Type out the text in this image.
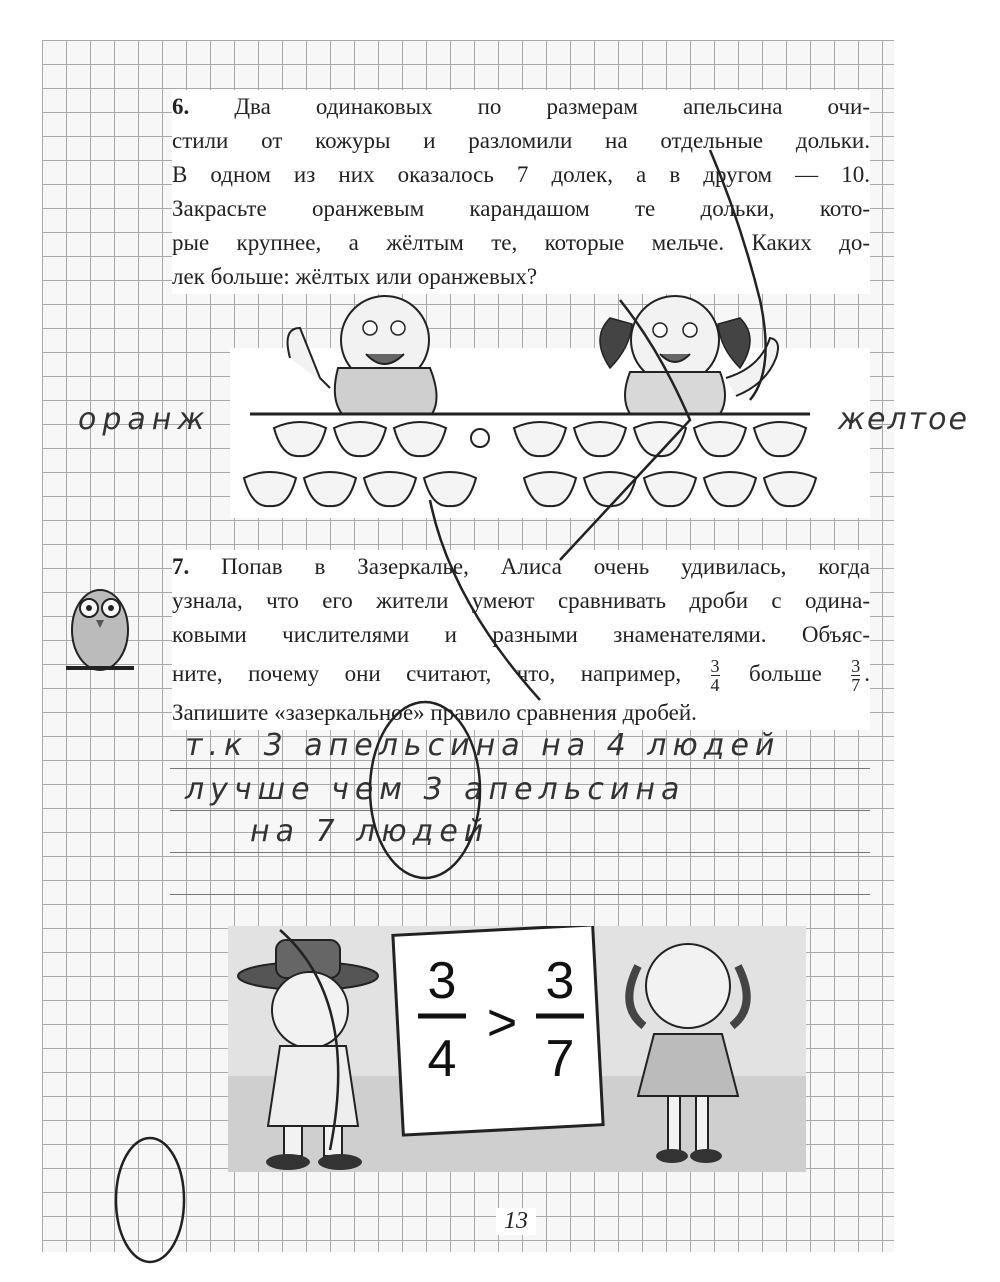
6. Два одинаковых по размерам апельсина очи-
стили от кожуры и разломили на отдельные дольки.
В одном из них оказалось 7 долек, а в другом — 10.
Закрасьте оранжевым карандашом те дольки, кото-
рые крупнее, а жёлтым те, которые мельче. Каких до-
лек больше: жёлтых или оранжевых?
оранж	желтое
7. Попав в Зазеркалье, Алиса очень удивилась, когда
узнала, что его жители умеют сравнивать дроби с одина-
ковыми числителями и разными знаменателями. Объяс-
ните, почему они считают, что, например, $\frac{3}{4}$ больше $\frac{3}{7}$ .
Запишите «зазеркальное» правило сравнения дробей.
т.к 3 апельсина на 4 людей
лучше чем 3 апельсина
на 7 людей
3
4
>
3
7
13
